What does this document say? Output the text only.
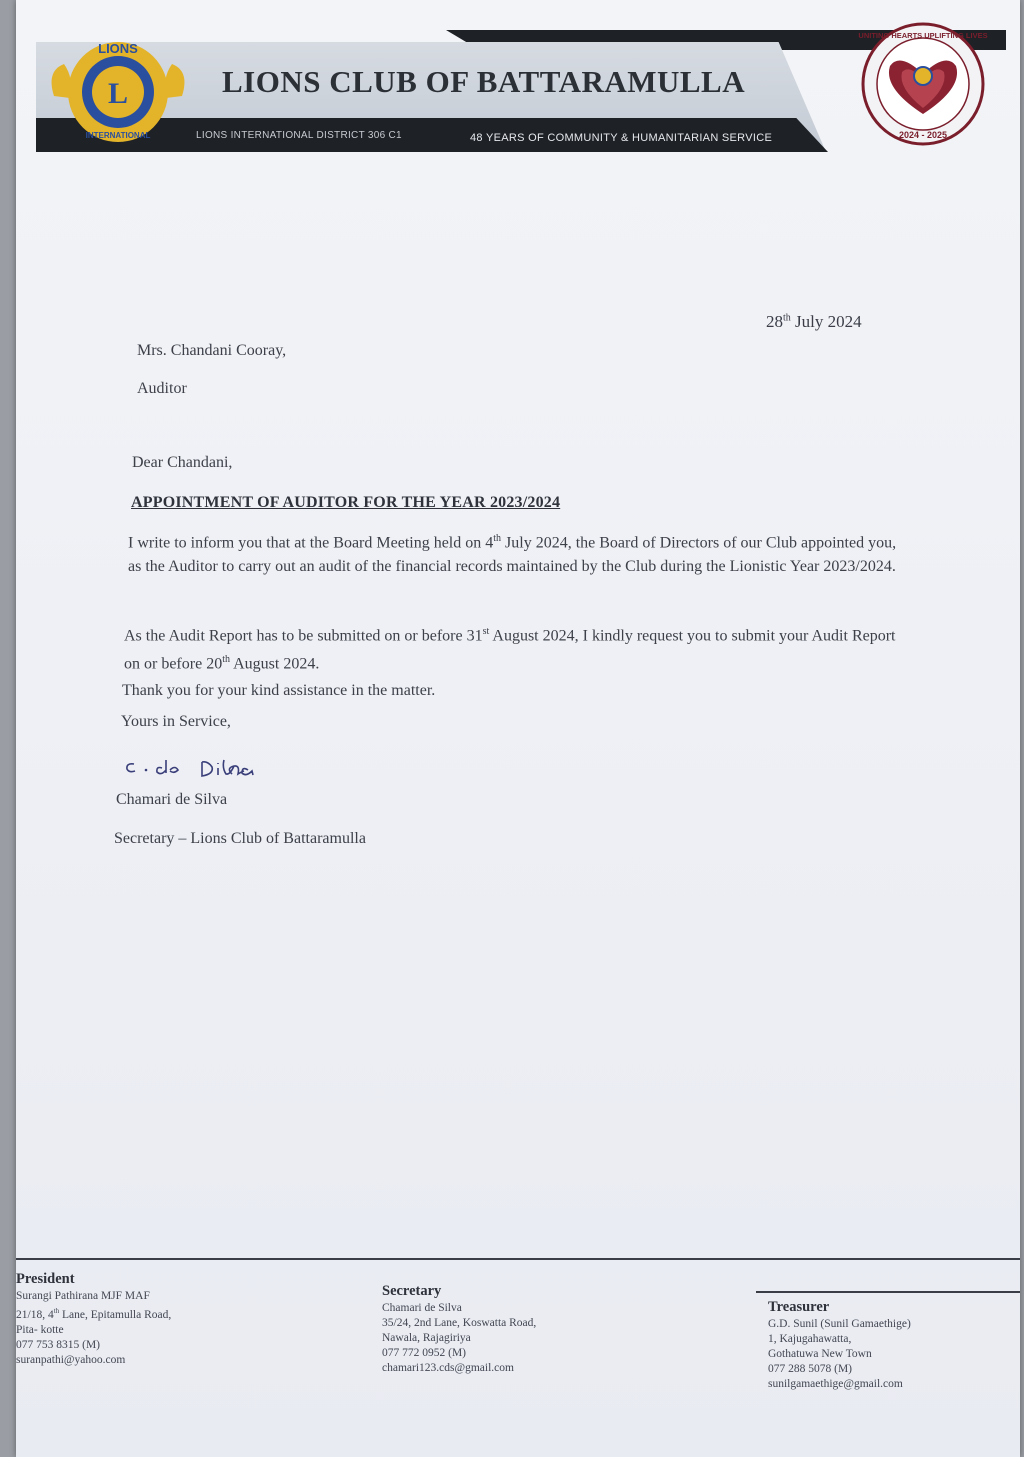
LIONS CLUB OF BATTARAMULLA
LIONS INTERNATIONAL DISTRICT 306 C1	48 YEARS OF COMMUNITY & HUMANITARIAN SERVICE
L
LIONS
INTERNATIONAL
UNITING HEARTS UPLIFTING LIVES
2024 - 2025
28th July 2024
Mrs. Chandani Cooray,
Auditor
Dear Chandani,
APPOINTMENT OF AUDITOR FOR THE YEAR 2023/2024
I write to inform you that at the Board Meeting held on 4th July 2024, the Board of Directors of our Club appointed you, as the Auditor to carry out an audit of the financial records maintained by the Club during the Lionistic Year 2023/2024.
As the Audit Report has to be submitted on or before 31st August 2024, I kindly request you to submit your Audit Report on or before 20th August 2024.
Thank you for your kind assistance in the matter.
Yours in Service,
Chamari de Silva
Secretary – Lions Club of Battaramulla
President
Surangi Pathirana MJF MAF
21/18, 4th Lane, Epitamulla Road,
Pita- kotte
077 753 8315 (M)
suranpathi@yahoo.com
Secretary
Chamari de Silva
35/24, 2nd Lane, Koswatta Road,
Nawala, Rajagiriya
077 772 0952 (M)
chamari123.cds@gmail.com
Treasurer
G.D. Sunil (Sunil Gamaethige)
1, Kajugahawatta,
Gothatuwa New Town
077 288 5078 (M)
sunilgamaethige@gmail.com
